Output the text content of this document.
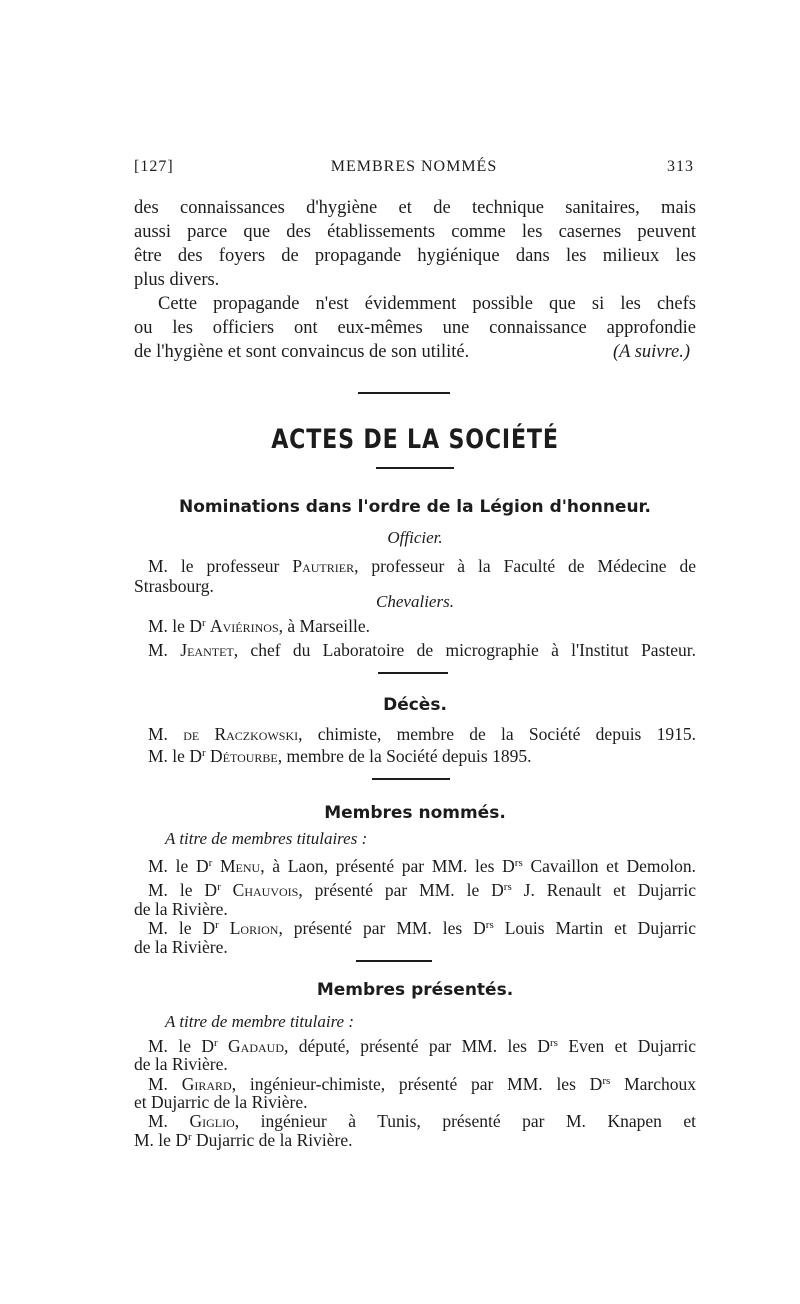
[127]	MEMBRES NOMMÉS	313
des connaissances d'hygiène et de technique sanitaires, mais
aussi parce que des établissements comme les casernes peuvent
être des foyers de propagande hygiénique dans les milieux les
plus divers.
Cette propagande n'est évidemment possible que si les chefs
ou les officiers ont eux-mêmes une connaissance approfondie
de l'hygiène et sont convaincus de son utilité.	(A suivre.)
ACTES DE LA SOCIÉTÉ
Nominations dans l'ordre de la Légion d'honneur.
Officier.
M. le professeur Pautrier, professeur à la Faculté de Médecine de
Strasbourg.
Chevaliers.
M. le $D^r$ Aviérinos, à Marseille.
M. Jeantet, chef du Laboratoire de micrographie à l'Institut Pasteur.
Décès.
M. de Raczkowski, chimiste, membre de la Société depuis 1915.
M. le $D^r$ Détourbe, membre de la Société depuis 1895.
Membres nommés.
A titre de membres titulaires :
M. le $D^r$ Menu, à Laon, présenté par MM. les $D^{rs}$ Cavaillon et Demolon.
M. le $D^r$ Chauvois, présenté par MM. le $D^{rs}$ J. Renault et Dujarric
de la Rivière.
M. le $D^r$ Lorion, présenté par MM. les $D^{rs}$ Louis Martin et Dujarric
de la Rivière.
Membres présentés.
A titre de membre titulaire :
M. le $D^r$ Gadaud, député, présenté par MM. les $D^{rs}$ Even et Dujarric
de la Rivière.
M. Girard, ingénieur-chimiste, présenté par MM. les $D^{rs}$ Marchoux
et Dujarric de la Rivière.
M. Giglio, ingénieur à Tunis, présenté par M. Knapen et
M. le $D^r$ Dujarric de la Rivière.
